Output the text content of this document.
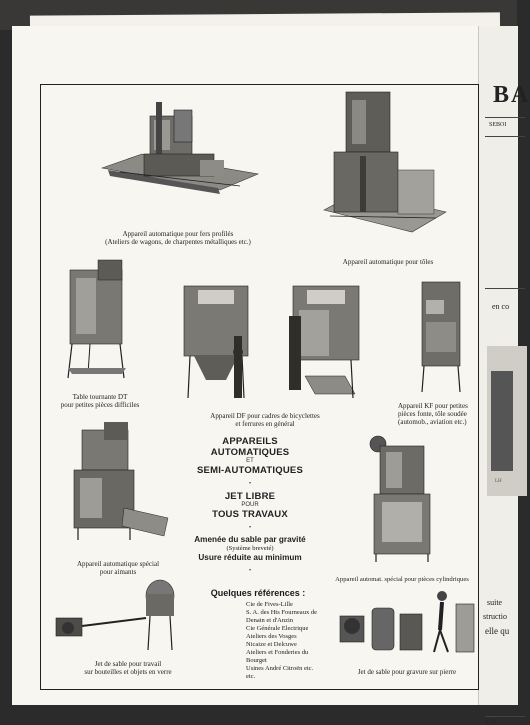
BA
SEBOI
en co
LH
suite
structio
elle qu
L 31.
Appareil automatique pour fers profilés
(Ateliers de wagons, de charpentes métalliques etc.)
Appareil automatique pour tôles
Table tournante DT
pour petites pièces difficiles
Appareil DF pour cadres de bicyclettes
et ferrures en général
Appareil KF pour petites
pièces fonte, tôle soudée
(automob., aviation etc.)
Appareil automatique spécial
pour aimants
Appareil automat. spécial pour pièces cylindriques
Jet de sable pour travail
sur bouteilles et objets en verre	Jet de sable pour gravure sur pierre
APPAREILS AUTOMATIQUES
ET
SEMI-AUTOMATIQUES
•
JET LIBRE
POUR
TOUS TRAVAUX
•
Amenée du sable par gravité
(Système breveté)
Usure réduite au minimum
•
Quelques références :
Cie de Fives-Lille
S. A. des Hts Fourneaux de
Denain et d'Anzin
Cie Générale Electrique
Ateliers des Vosges
Nicaize et Delcuwe
Ateliers et Fonderies du Bourget
Usines André Citroën etc. etc.
